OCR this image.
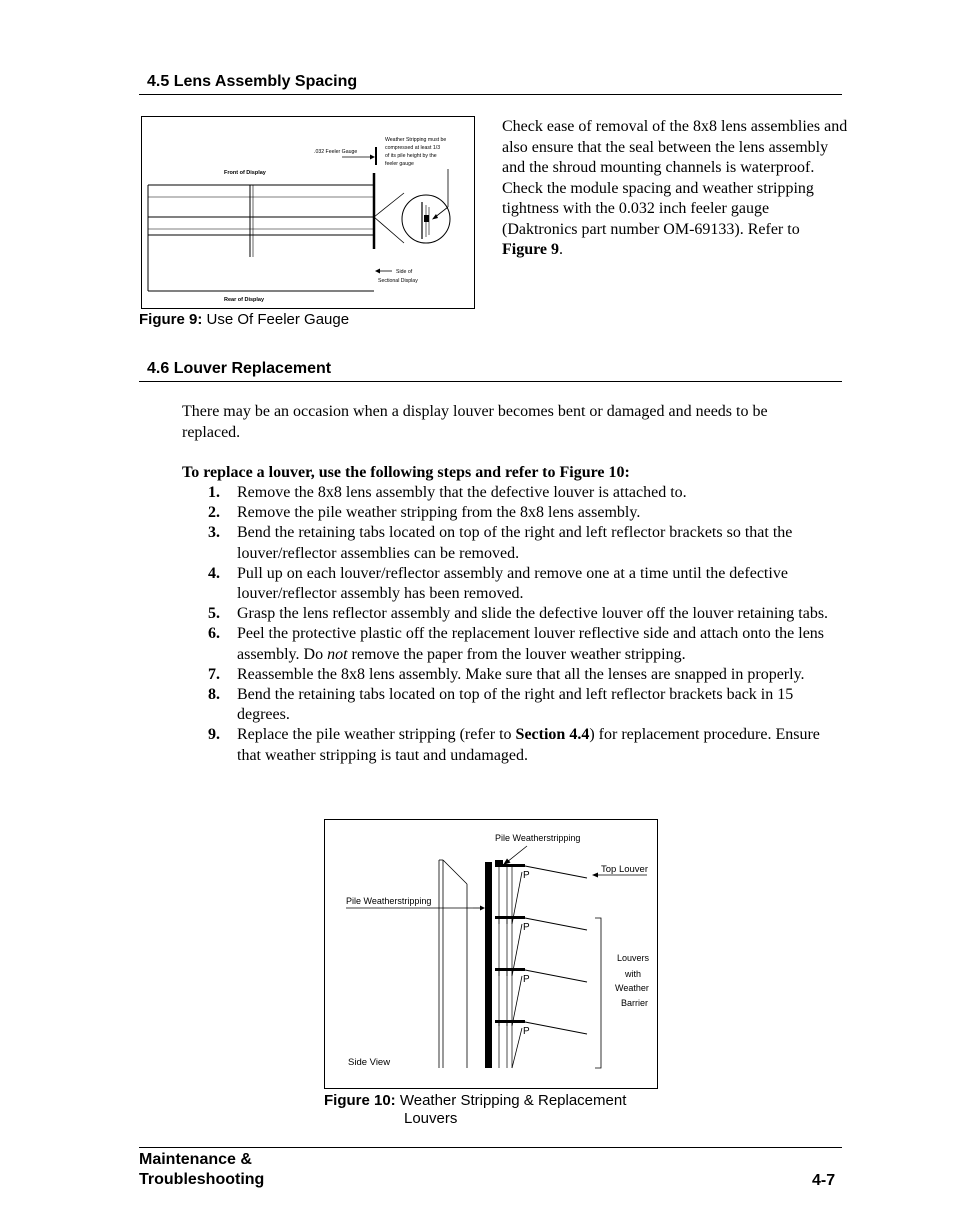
4.5 Lens Assembly Spacing
Weather Stripping must be
compressed at least 1/3
of its pile height by the
feeler gauge
.032 Feeler Gauge
Front of Display
Side of
Sectional Display
Rear of Display
Figure 9: Use Of Feeler Gauge
Check ease of removal of the 8x8 lens assemblies and also ensure that the seal between the lens assembly and the shroud mounting channels is waterproof. Check the module spacing and weather stripping tightness with the 0.032 inch feeler gauge (Daktronics part number OM-69133). Refer to Figure 9.
4.6 Louver Replacement
There may be an occasion when a display louver becomes bent or damaged and needs to be replaced.
To replace a louver, use the following steps and refer to Figure 10:
1. Remove the 8x8 lens assembly that the defective louver is attached to.
2. Remove the pile weather stripping from the 8x8 lens assembly.
3. Bend the retaining tabs located on top of the right and left reflector brackets so that the louver/reflector assemblies can be removed.
4. Pull up on each louver/reflector assembly and remove one at a time until the defective louver/reflector assembly has been removed.
5. Grasp the lens reflector assembly and slide the defective louver off the louver retaining tabs.
6. Peel the protective plastic off the replacement louver reflective side and attach onto the lens assembly. Do not remove the paper from the louver weather stripping.
7. Reassemble the 8x8 lens assembly. Make sure that all the lenses are snapped in properly.
8. Bend the retaining tabs located on top of the right and left reflector brackets back in 15 degrees.
9. Replace the pile weather stripping (refer to Section 4.4) for replacement procedure. Ensure that weather stripping is taut and undamaged.
Pile Weatherstripping
Top Louver
Pile Weatherstripping
P
P
P
P
Louvers
with
Weather
Barrier
Side View
Figure 10: Weather Stripping & Replacement
Louvers
Maintenance &
Troubleshooting	4-7
